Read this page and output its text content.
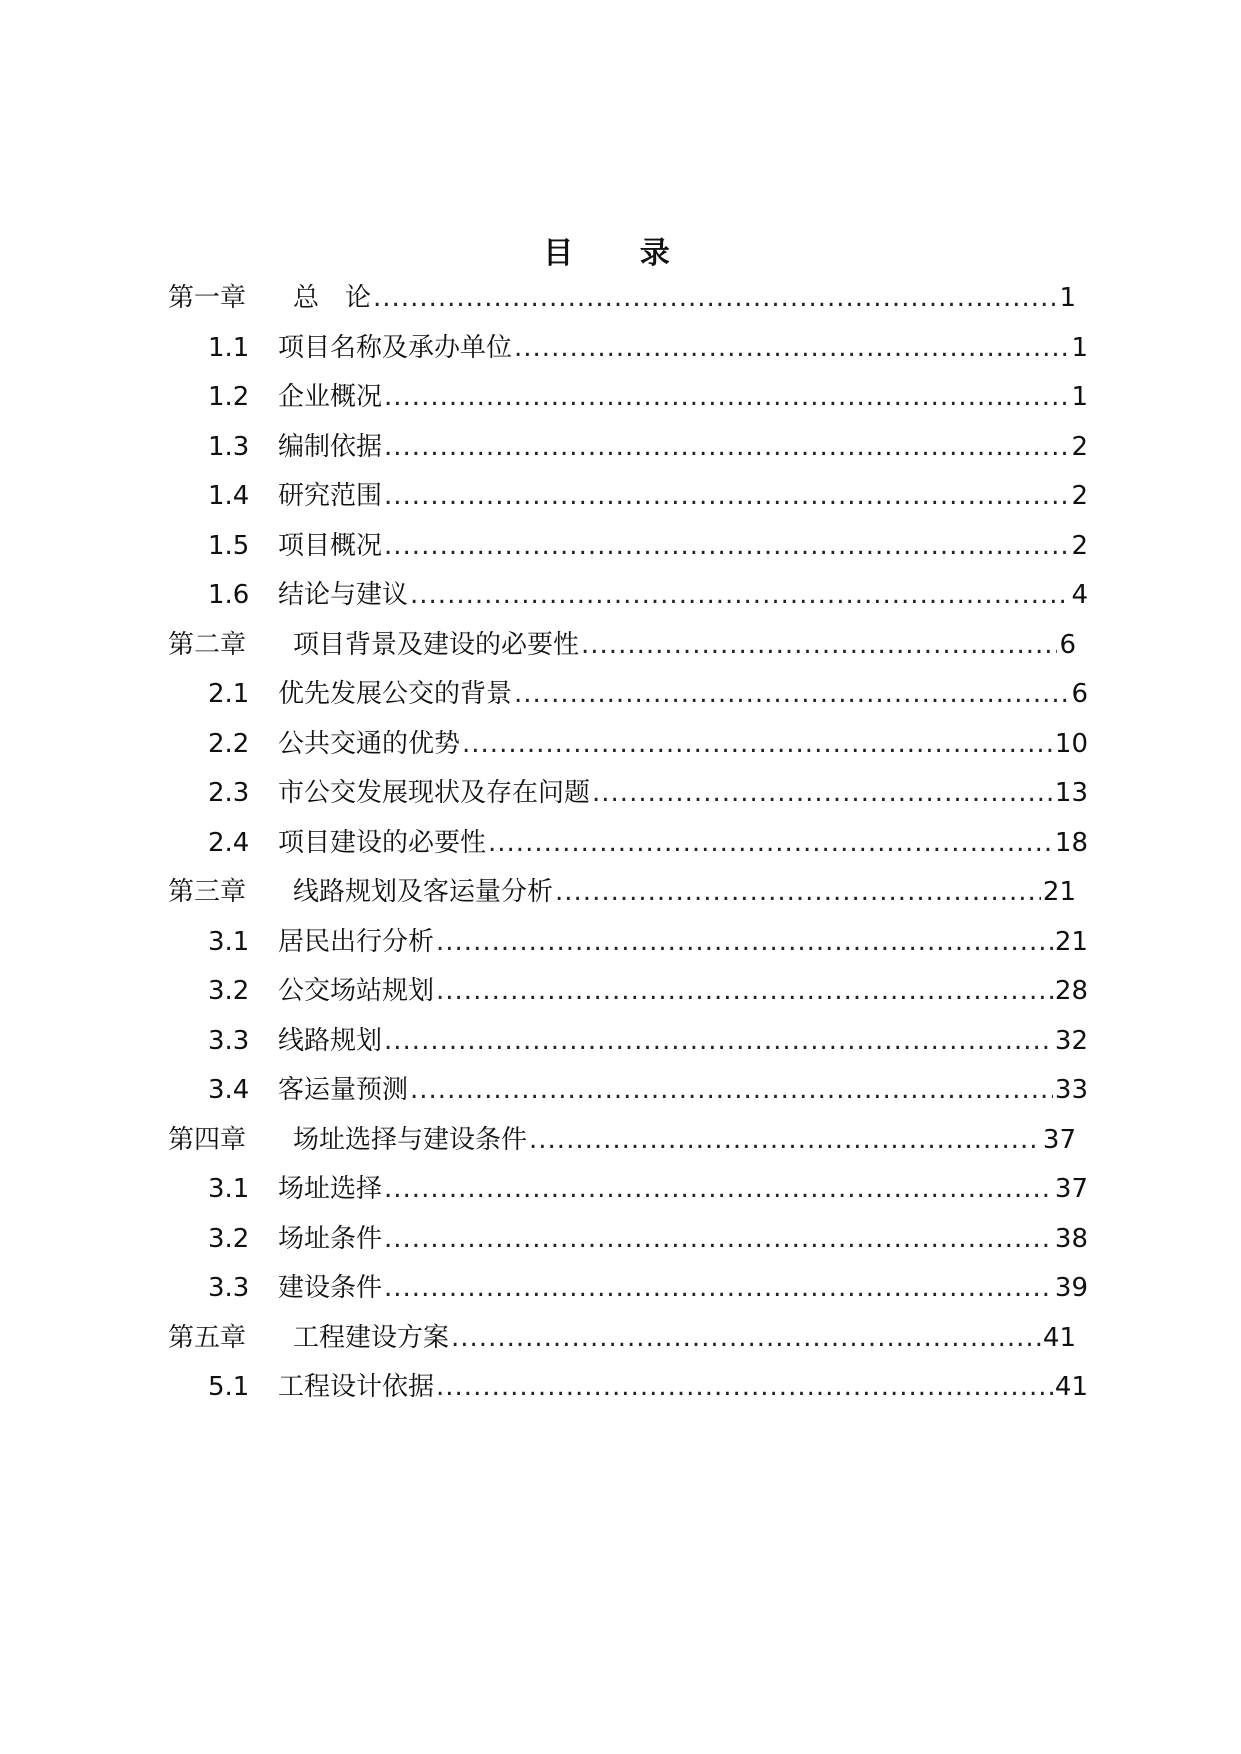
目 录
第一章	总　论 .....	1
1.1	项目名称及承办单位 .....	1
1.2	企业概况 .....	1
1.3	编制依据 .....	2
1.4	研究范围 .....	2
1.5	项目概况 .....	2
1.6	结论与建议 .....	4
第二章	项目背景及建设的必要性 .....	6
2.1	优先发展公交的背景 .....	6
2.2	公共交通的优势 .....	10
2.3	市公交发展现状及存在问题 .....	13
2.4	项目建设的必要性 .....	18
第三章	线路规划及客运量分析 .....	21
3.1	居民出行分析 .....	21
3.2	公交场站规划 .....	28
3.3	线路规划 .....	32
3.4	客运量预测 .....	33
第四章	场址选择与建设条件 .....	37
3.1	场址选择 .....	37
3.2	场址条件 .....	38
3.3	建设条件 .....	39
第五章	工程建设方案 .....	41
5.1	工程设计依据 .....	41
